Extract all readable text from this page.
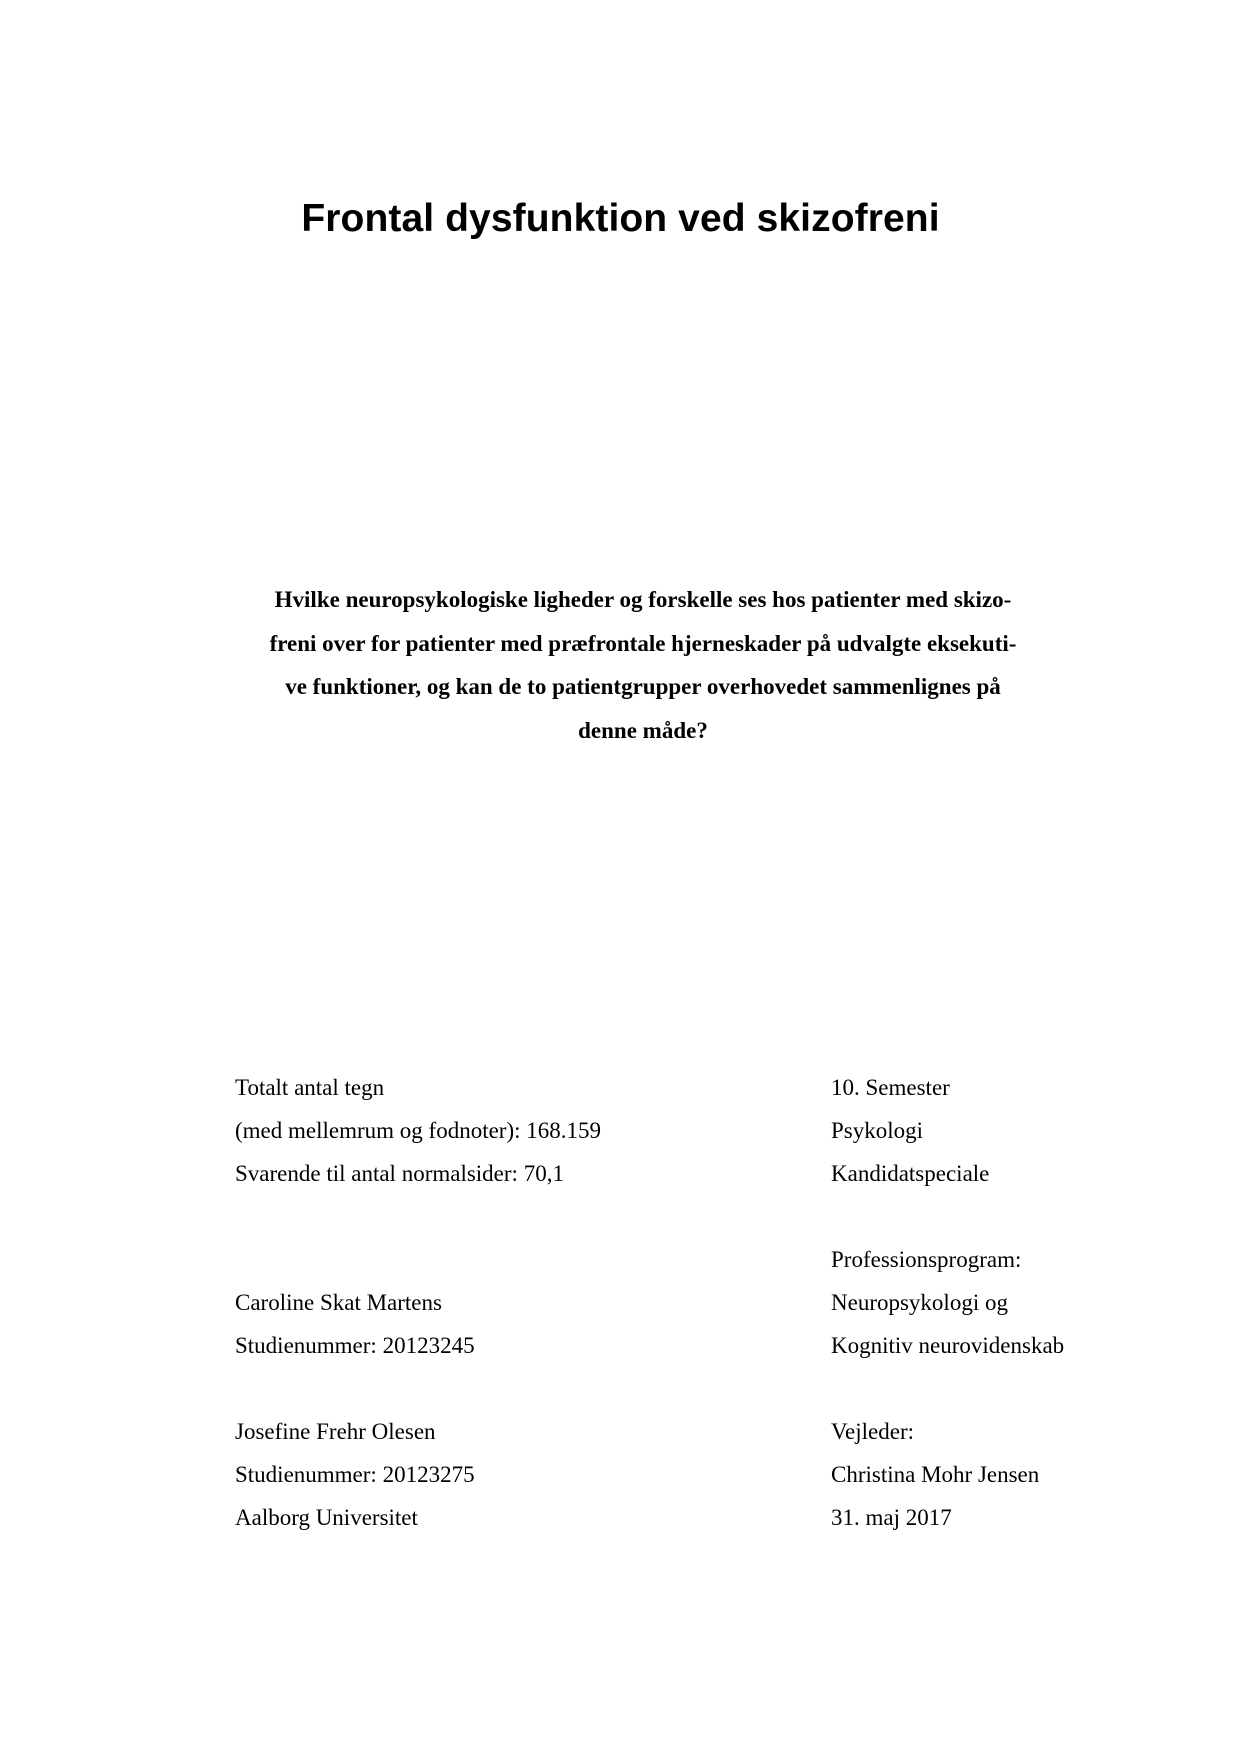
Frontal dysfunktion ved skizofreni

Hvilke neuropsykologiske ligheder og forskelle ses hos patienter med skizo-
freni over for patienter med præfrontale hjerneskader på udvalgte eksekuti-
ve funktioner, og kan de to patientgrupper overhovedet sammenlignes på
denne måde?

Totalt antal tegn
(med mellemrum og fodnoter): 168.159
Svarende til antal normalsider: 70,1
Caroline Skat Martens
Studienummer: 20123245
Josefine Frehr Olesen
Studienummer: 20123275
Aalborg Universitet
10. Semester
Psykologi
Kandidatspeciale
Professionsprogram:
Neuropsykologi og
Kognitiv neurovidenskab
Vejleder:
Christina Mohr Jensen
31. maj 2017
